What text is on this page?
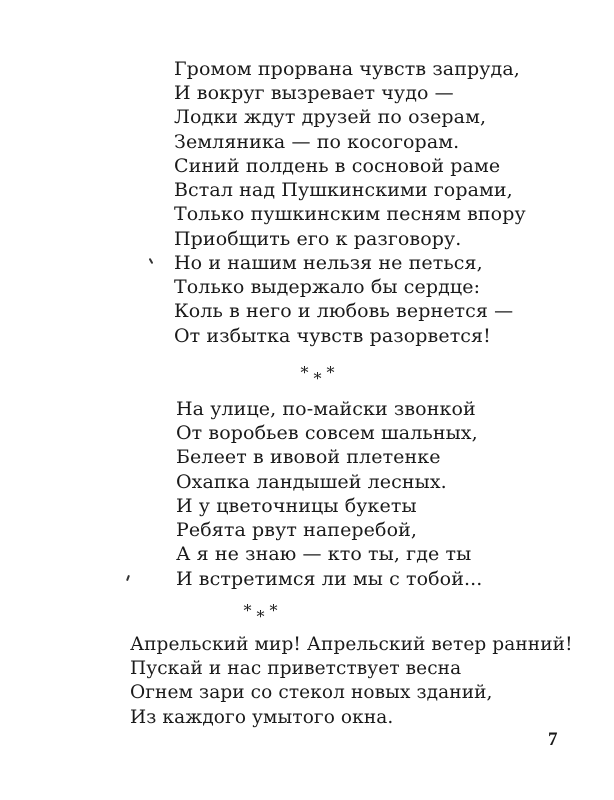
Громом прорвана чувств запруда,
И вокруг вызревает чудо —
Лодки ждут друзей по озерам,
Земляника — по косогорам.
Синий полдень в сосновой раме
Встал над Пушкинскими горами,
Только пушкинским песням впору
Приобщить его к разговору.
Но и нашим нельзя не петься,
Только выдержало бы сердце:
Коль в него и любовь вернется —
От избытка чувств разорвется!
* * *
На улице, по-майски звонкой
От воробьев совсем шальных,
Белеет в ивовой плетенке
Охапка ландышей лесных.
И у цветочницы букеты
Ребята рвут наперебой,
А я не знаю — кто ты, где ты
И встретимся ли мы с тобой...
* * *
Апрельский мир! Апрельский ветер ранний!
Пускай и нас приветствует весна
Огнем зари со стекол новых зданий,
Из каждого умытого окна.
7
